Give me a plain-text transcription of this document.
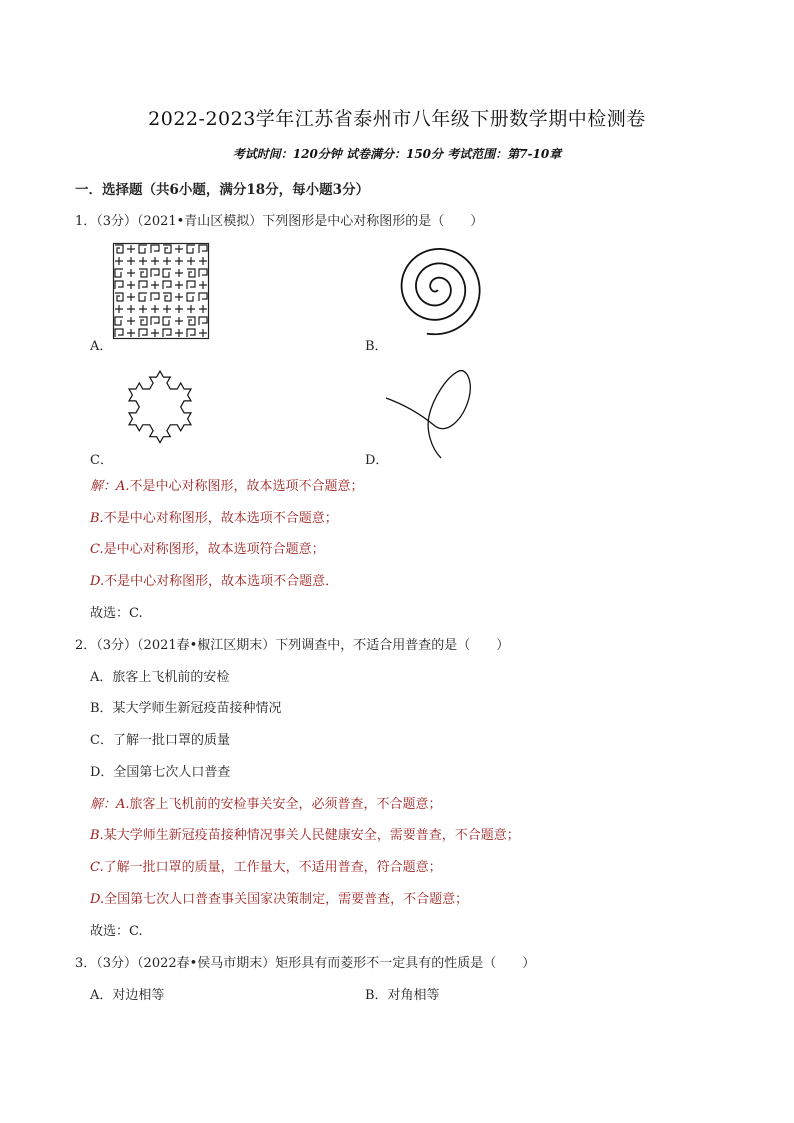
2022-2023学年江苏省泰州市八年级下册数学期中检测卷
考试时间：120分钟 试卷满分：150分 考试范围：第7-10章
一．选择题（共6小题，满分18分，每小题3分）
1．（3分）（2021•青山区模拟）下列图形是中心对称图形的是（　　）
A．	B．
C．	D．
解：A.不是中心对称图形，故本选项不合题意；
B.不是中心对称图形，故本选项不合题意；
C.是中心对称图形，故本选项符合题意；
D.不是中心对称图形，故本选项不合题意．
故选：C.
2．（3分）（2021春•椒江区期末）下列调查中，不适合用普查的是（　　）
A．旅客上飞机前的安检
B．某大学师生新冠疫苗接种情况
C．了解一批口罩的质量
D．全国第七次人口普查
解：A.旅客上飞机前的安检事关安全，必须普查，不合题意；
B.某大学师生新冠疫苗接种情况事关人民健康安全，需要普查，不合题意；
C.了解一批口罩的质量，工作量大，不适用普查，符合题意；
D.全国第七次人口普查事关国家决策制定，需要普查，不合题意；
故选：C.
3．（3分）（2022春•侯马市期末）矩形具有而菱形不一定具有的性质是（　　）
A．对边相等	B．对角相等
